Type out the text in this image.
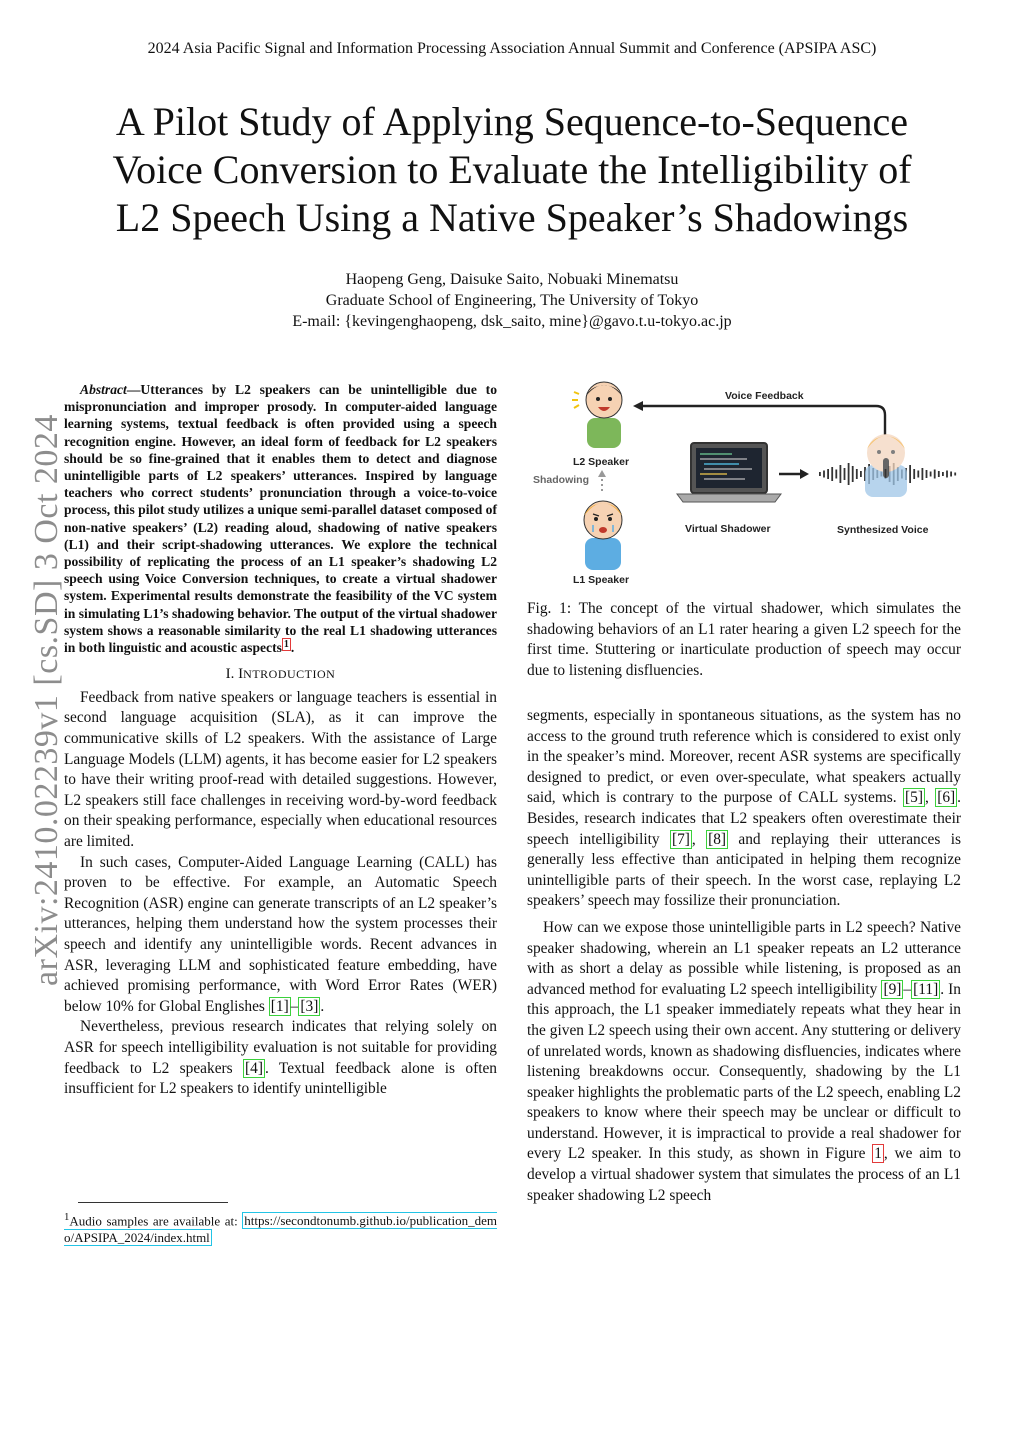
2024 Asia Pacific Signal and Information Processing Association Annual Summit and Conference (APSIPA ASC)
A Pilot Study of Applying Sequence-to-Sequence
Voice Conversion to Evaluate the Intelligibility of
L2 Speech Using a Native Speaker’s Shadowings
Haopeng Geng, Daisuke Saito, Nobuaki Minematsu
Graduate School of Engineering, The University of Tokyo
E-mail: {kevingenghaopeng, dsk_saito, mine}@gavo.t.u-tokyo.ac.jp
arXiv:2410.02239v1 [cs.SD] 3 Oct 2024

Abstract—Utterances by L2 speakers can be unintelligible due to mispronunciation and improper prosody. In computer-aided language learning systems, textual feedback is often provided using a speech recognition engine. However, an ideal form of feedback for L2 speakers should be so fine-grained that it enables them to detect and diagnose unintelligible parts of L2 speakers’ utterances. Inspired by language teachers who correct students’ pronunciation through a voice-to-voice process, this pilot study utilizes a unique semi-parallel dataset composed of non-native speakers’ (L2) reading aloud, shadowing of native speakers (L1) and their script-shadowing utterances. We explore the technical possibility of replicating the process of an L1 speaker’s shadowing L2 speech using Voice Conversion techniques, to create a virtual shadower system. Experimental results demonstrate the feasibility of the VC system in simulating L1’s shadowing behavior. The output of the virtual shadower system shows a reasonable similarity to the real L1 shadowing utterances in both linguistic and acoustic aspects $^1$ .

I. INTRODUCTION

Feedback from native speakers or language teachers is essential in second language acquisition (SLA), as it can improve the communicative skills of L2 speakers. With the assistance of Large Language Models (LLM) agents, it has become easier for L2 speakers to have their writing proof-read with detailed suggestions. However, L2 speakers still face challenges in receiving word-by-word feedback on their speaking performance, especially when educational resources are limited.

In such cases, Computer-Aided Language Learning (CALL) has proven to be effective. For example, an Automatic Speech Recognition (ASR) engine can generate transcripts of an L2 speaker’s utterances, helping them understand how the system processes their speech and identify any unintelligible words. Recent advances in ASR, leveraging LLM and sophisticated feature embedding, have achieved promising performance, with Word Error Rates (WER) below 10% for Global Englishes [1] – [3] .

Nevertheless, previous research indicates that relying solely on ASR for speech intelligibility evaluation is not suitable for providing feedback to L2 speakers [4] . Textual feedback alone is often insufficient for L2 speakers to identify unintelligible

$^1$Audio samples are available at: https://secondtonumb.github.io/publication_demo/APSIPA_2024/index.html
L2 Speaker
Shadowing
L1 Speaker
Voice Feedback
Virtual Shadower	Synthesized Voice
Fig. 1: The concept of the virtual shadower, which simulates the shadowing behaviors of an L1 rater hearing a given L2 speech for the first time. Stuttering or inarticulate production of speech may occur due to listening disfluencies.

segments, especially in spontaneous situations, as the system has no access to the ground truth reference which is considered to exist only in the speaker’s mind. Moreover, recent ASR systems are specifically designed to predict, or even over-speculate, what speakers actually said, which is contrary to the purpose of CALL systems. [5] , [6] . Besides, research indicates that L2 speakers often overestimate their speech intelligibility [7] , [8] and replaying their utterances is generally less effective than anticipated in helping them recognize unintelligible parts of their speech. In the worst case, replaying L2 speakers’ speech may fossilize their pronunciation.

How can we expose those unintelligible parts in L2 speech? Native speaker shadowing, wherein an L1 speaker repeats an L2 utterance with as short a delay as possible while listening, is proposed as an advanced method for evaluating L2 speech intelligibility [9] – [11] . In this approach, the L1 speaker immediately repeats what they hear in the given L2 speech using their own accent. Any stuttering or delivery of unrelated words, known as shadowing disfluencies, indicates where listening breakdowns occur. Consequently, shadowing by the L1 speaker highlights the problematic parts of the L2 speech, enabling L2 speakers to know where their speech may be unclear or difficult to understand. However, it is impractical to provide a real shadower for every L2 speaker. In this study, as shown in Figure 1 , we aim to develop a virtual shadower system that simulates the process of an L1 speaker shadowing L2 speech
